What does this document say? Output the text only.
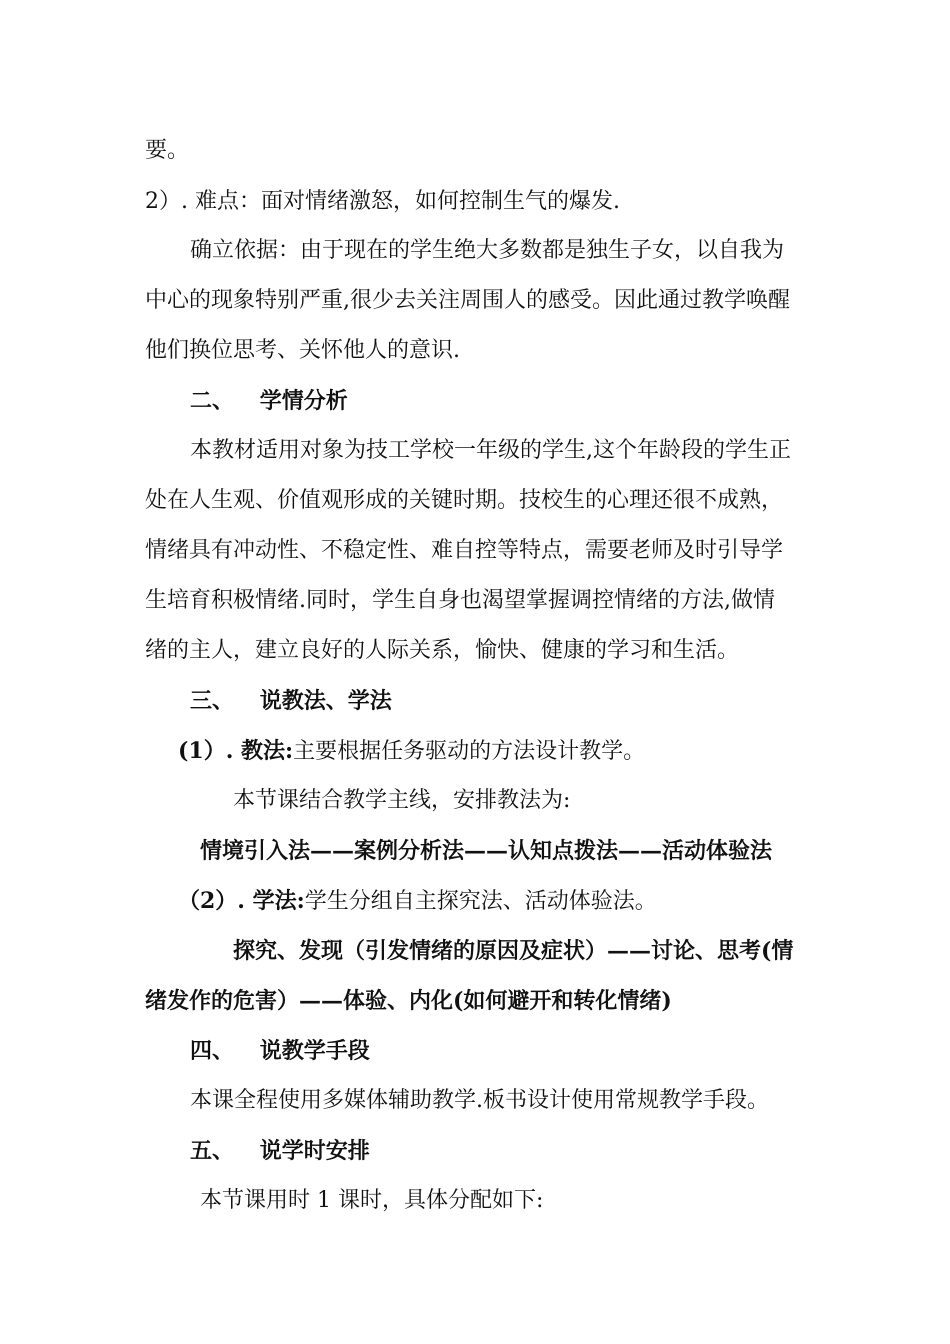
要。
2）. 难点：面对情绪激怒，如何控制生气的爆发.
确立依据：由于现在的学生绝大多数都是独生子女，以自我为
中心的现象特别严重,很少去关注周围人的感受。因此通过教学唤醒
他们换位思考、关怀他人的意识.
二、 学情分析
本教材适用对象为技工学校一年级的学生,这个年龄段的学生正
处在人生观、价值观形成的关键时期。技校生的心理还很不成熟，
情绪具有冲动性、不稳定性、难自控等特点，需要老师及时引导学
生培育积极情绪.同时，学生自身也渴望掌握调控情绪的方法,做情
绪的主人，建立良好的人际关系，愉快、健康的学习和生活。
三、 说教法、学法
(1）. 教法:主要根据任务驱动的方法设计教学。
本节课结合教学主线，安排教法为:
情境引入法——案例分析法——认知点拨法——活动体验法
（2）. 学法:学生分组自主探究法、活动体验法。
探究、发现（引发情绪的原因及症状）——讨论、思考(情
绪发作的危害）——体验、内化(如何避开和转化情绪)
四、 说教学手段
本课全程使用多媒体辅助教学.板书设计使用常规教学手段。
五、 说学时安排
本节课用时 1 课时，具体分配如下:
